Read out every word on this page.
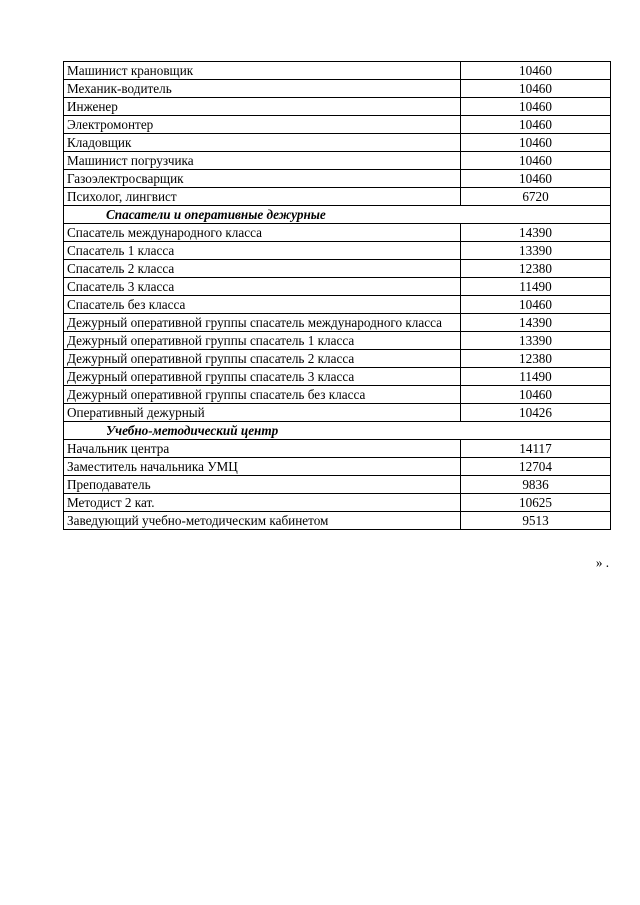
Машинист крановщик	10460
Механик-водитель	10460
Инженер	10460
Электромонтер	10460
Кладовщик	10460
Машинист погрузчика	10460
Газоэлектросварщик	10460
Психолог, лингвист	6720
Спасатели и оперативные дежурные	
Спасатель международного класса	14390
Спасатель 1 класса	13390
Спасатель 2 класса	12380
Спасатель 3 класса	11490
Спасатель без класса	10460
Дежурный оперативной группы спасатель международного класса	14390
Дежурный оперативной группы спасатель 1 класса	13390
Дежурный оперативной группы спасатель 2 класса	12380
Дежурный оперативной группы спасатель 3 класса	11490
Дежурный оперативной группы спасатель без класса	10460
Оперативный дежурный	10426
Учебно-методический центр	
Начальник центра	14117
Заместитель начальника УМЦ	12704
Преподаватель	9836
Методист 2 кат.	10625
Заведующий учебно-методическим кабинетом	9513
» .
